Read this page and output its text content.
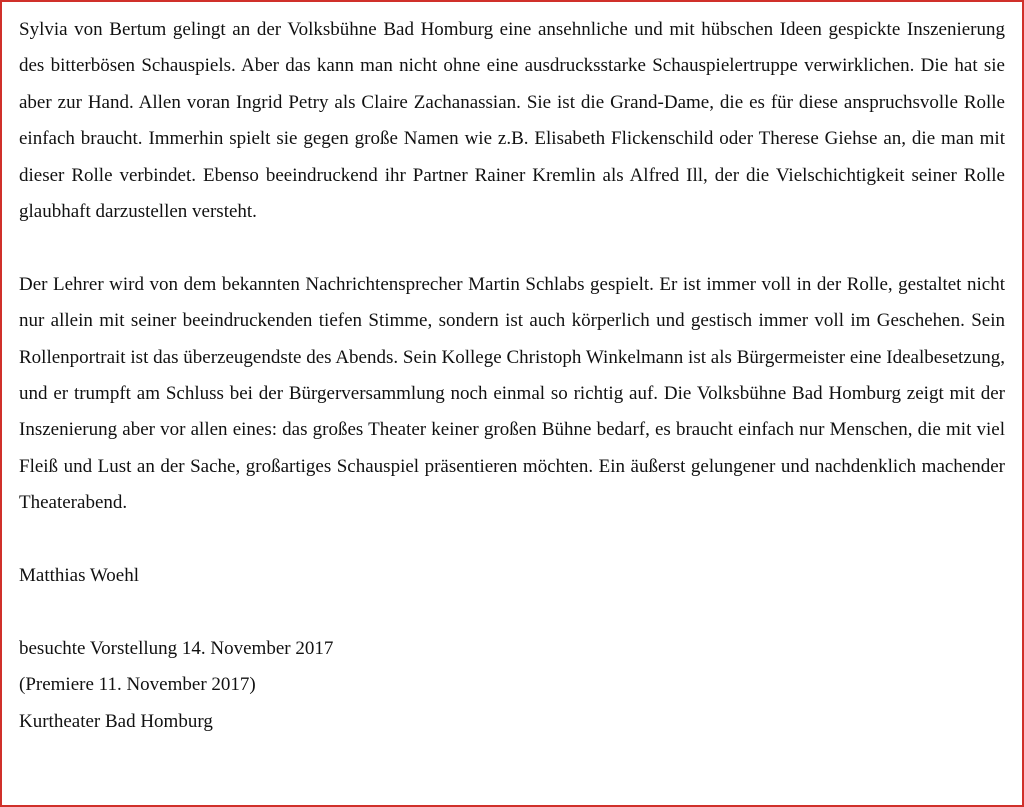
Sylvia von Bertum gelingt an der Volksbühne Bad Homburg eine ansehnliche und mit hübschen Ideen gespickte Inszenierung des bitterbösen Schauspiels. Aber das kann man nicht ohne eine ausdrucksstarke Schauspielertruppe verwirklichen. Die hat sie aber zur Hand. Allen voran Ingrid Petry als Claire Zachanassian. Sie ist die Grand-Dame, die es für diese anspruchsvolle Rolle einfach braucht. Immerhin spielt sie gegen große Namen wie z.B. Elisabeth Flickenschild oder Therese Giehse an, die man mit dieser Rolle verbindet. Ebenso beeindruckend ihr Partner Rainer Kremlin als Alfred Ill, der die Vielschichtigkeit seiner Rolle glaubhaft darzustellen versteht.

Der Lehrer wird von dem bekannten Nachrichtensprecher Martin Schlabs gespielt. Er ist immer voll in der Rolle, gestaltet nicht nur allein mit seiner beeindruckenden tiefen Stimme, sondern ist auch körperlich und gestisch immer voll im Geschehen. Sein Rollenportrait ist das überzeugendste des Abends. Sein Kollege Christoph Winkelmann ist als Bürgermeister eine Idealbesetzung, und er trumpft am Schluss bei der Bürgerversammlung noch einmal so richtig auf. Die Volksbühne Bad Homburg zeigt mit der Inszenierung aber vor allen eines: das großes Theater keiner großen Bühne bedarf, es braucht einfach nur Menschen, die mit viel Fleiß und Lust an der Sache, großartiges Schauspiel präsentieren möchten. Ein äußerst gelungener und nachdenklich machender Theaterabend.

Matthias Woehl

besuchte Vorstellung 14. November 2017
(Premiere 11. November 2017)
Kurtheater Bad Homburg
